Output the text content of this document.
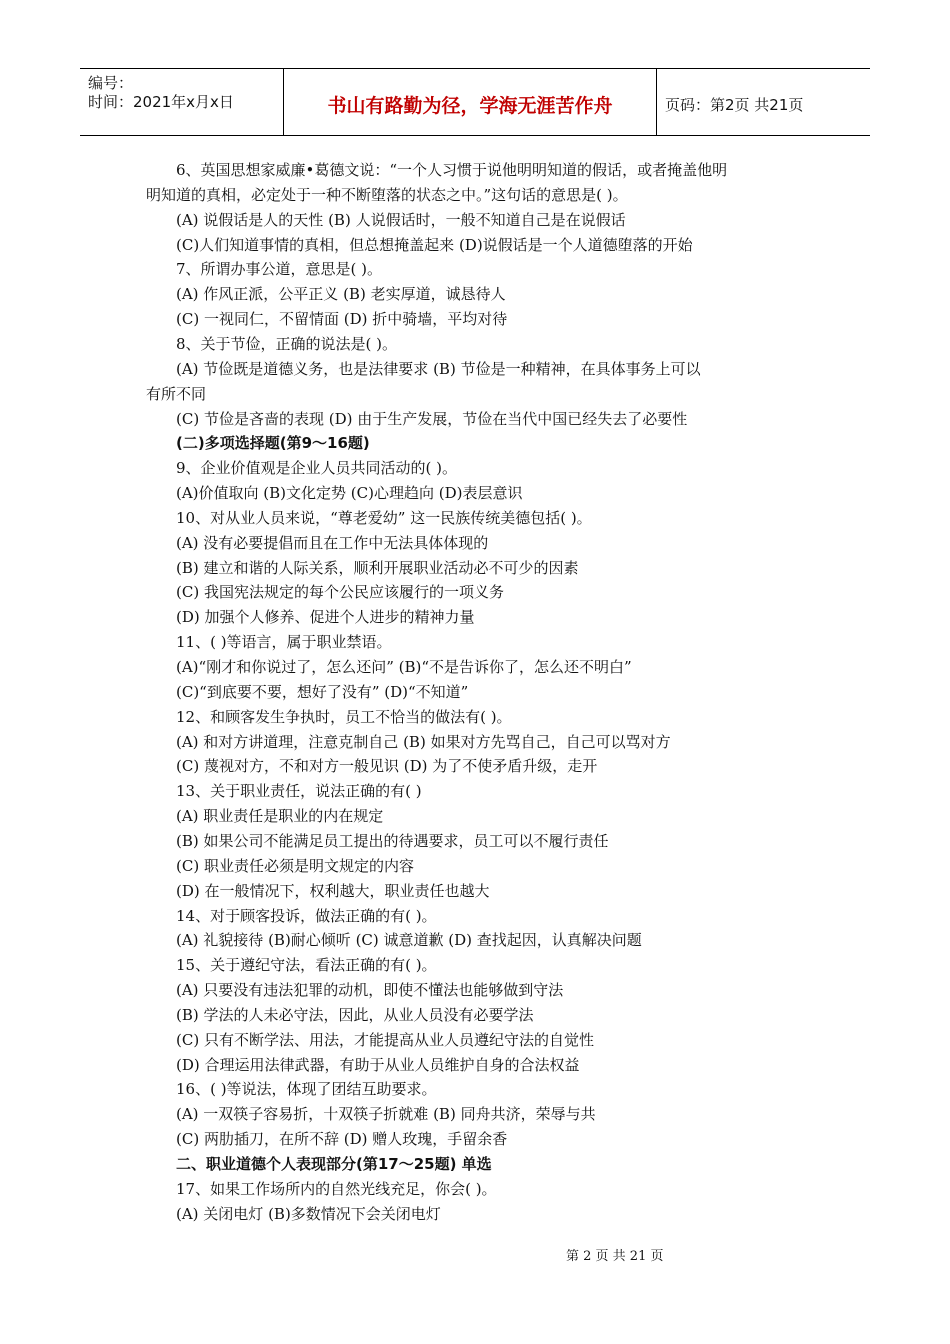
编号：
时间：2021年x月x日	书山有路勤为径，学海无涯苦作舟	页码：第2页 共21页
6、英国思想家威廉•葛德文说：“一个人习惯于说他明明知道的假话，或者掩盖他明
明知道的真相，必定处于一种不断堕落的状态之中。”这句话的意思是( )。
(A) 说假话是人的天性 (B) 人说假话时，一般不知道自己是在说假话
(C)人们知道事情的真相，但总想掩盖起来 (D)说假话是一个人道德堕落的开始
7、所谓办事公道，意思是( )。
(A) 作风正派，公平正义 (B) 老实厚道，诚恳待人
(C) 一视同仁，不留情面 (D) 折中骑墙，平均对待
8、关于节俭，正确的说法是( )。
(A) 节俭既是道德义务，也是法律要求 (B) 节俭是一种精神，在具体事务上可以
有所不同
(C) 节俭是吝啬的表现 (D) 由于生产发展，节俭在当代中国已经失去了必要性
(二)多项选择题(第9～16题)
9、企业价值观是企业人员共同活动的( )。
(A)价值取向 (B)文化定势 (C)心理趋向 (D)表层意识
10、对从业人员来说，“尊老爱幼” 这一民族传统美德包括( )。
(A) 没有必要提倡而且在工作中无法具体体现的
(B) 建立和谐的人际关系，顺利开展职业活动必不可少的因素
(C) 我国宪法规定的每个公民应该履行的一项义务
(D) 加强个人修养、促进个人进步的精神力量
11、( )等语言，属于职业禁语。
(A)“刚才和你说过了，怎么还问” (B)“不是告诉你了，怎么还不明白”
(C)“到底要不要，想好了没有” (D)“不知道”
12、和顾客发生争执时，员工不恰当的做法有( )。
(A) 和对方讲道理，注意克制自己 (B) 如果对方先骂自己，自己可以骂对方
(C) 蔑视对方，不和对方一般见识 (D) 为了不使矛盾升级，走开
13、关于职业责任，说法正确的有( )
(A) 职业责任是职业的内在规定
(B) 如果公司不能满足员工提出的待遇要求，员工可以不履行责任
(C) 职业责任必须是明文规定的内容
(D) 在一般情况下，权利越大，职业责任也越大
14、对于顾客投诉，做法正确的有( )。
(A) 礼貌接待 (B)耐心倾听 (C) 诚意道歉 (D) 查找起因，认真解决问题
15、关于遵纪守法，看法正确的有( )。
(A) 只要没有违法犯罪的动机，即使不懂法也能够做到守法
(B) 学法的人未必守法，因此，从业人员没有必要学法
(C) 只有不断学法、用法，才能提高从业人员遵纪守法的自觉性
(D) 合理运用法律武器，有助于从业人员维护自身的合法权益
16、( )等说法，体现了团结互助要求。
(A) 一双筷子容易折，十双筷子折就难 (B) 同舟共济，荣辱与共
(C) 两肋插刀，在所不辞 (D) 赠人玫瑰，手留余香
二、职业道德个人表现部分(第17～25题) 单选
17、如果工作场所内的自然光线充足，你会( )。
(A) 关闭电灯 (B)多数情况下会关闭电灯
第 2 页 共 21 页
